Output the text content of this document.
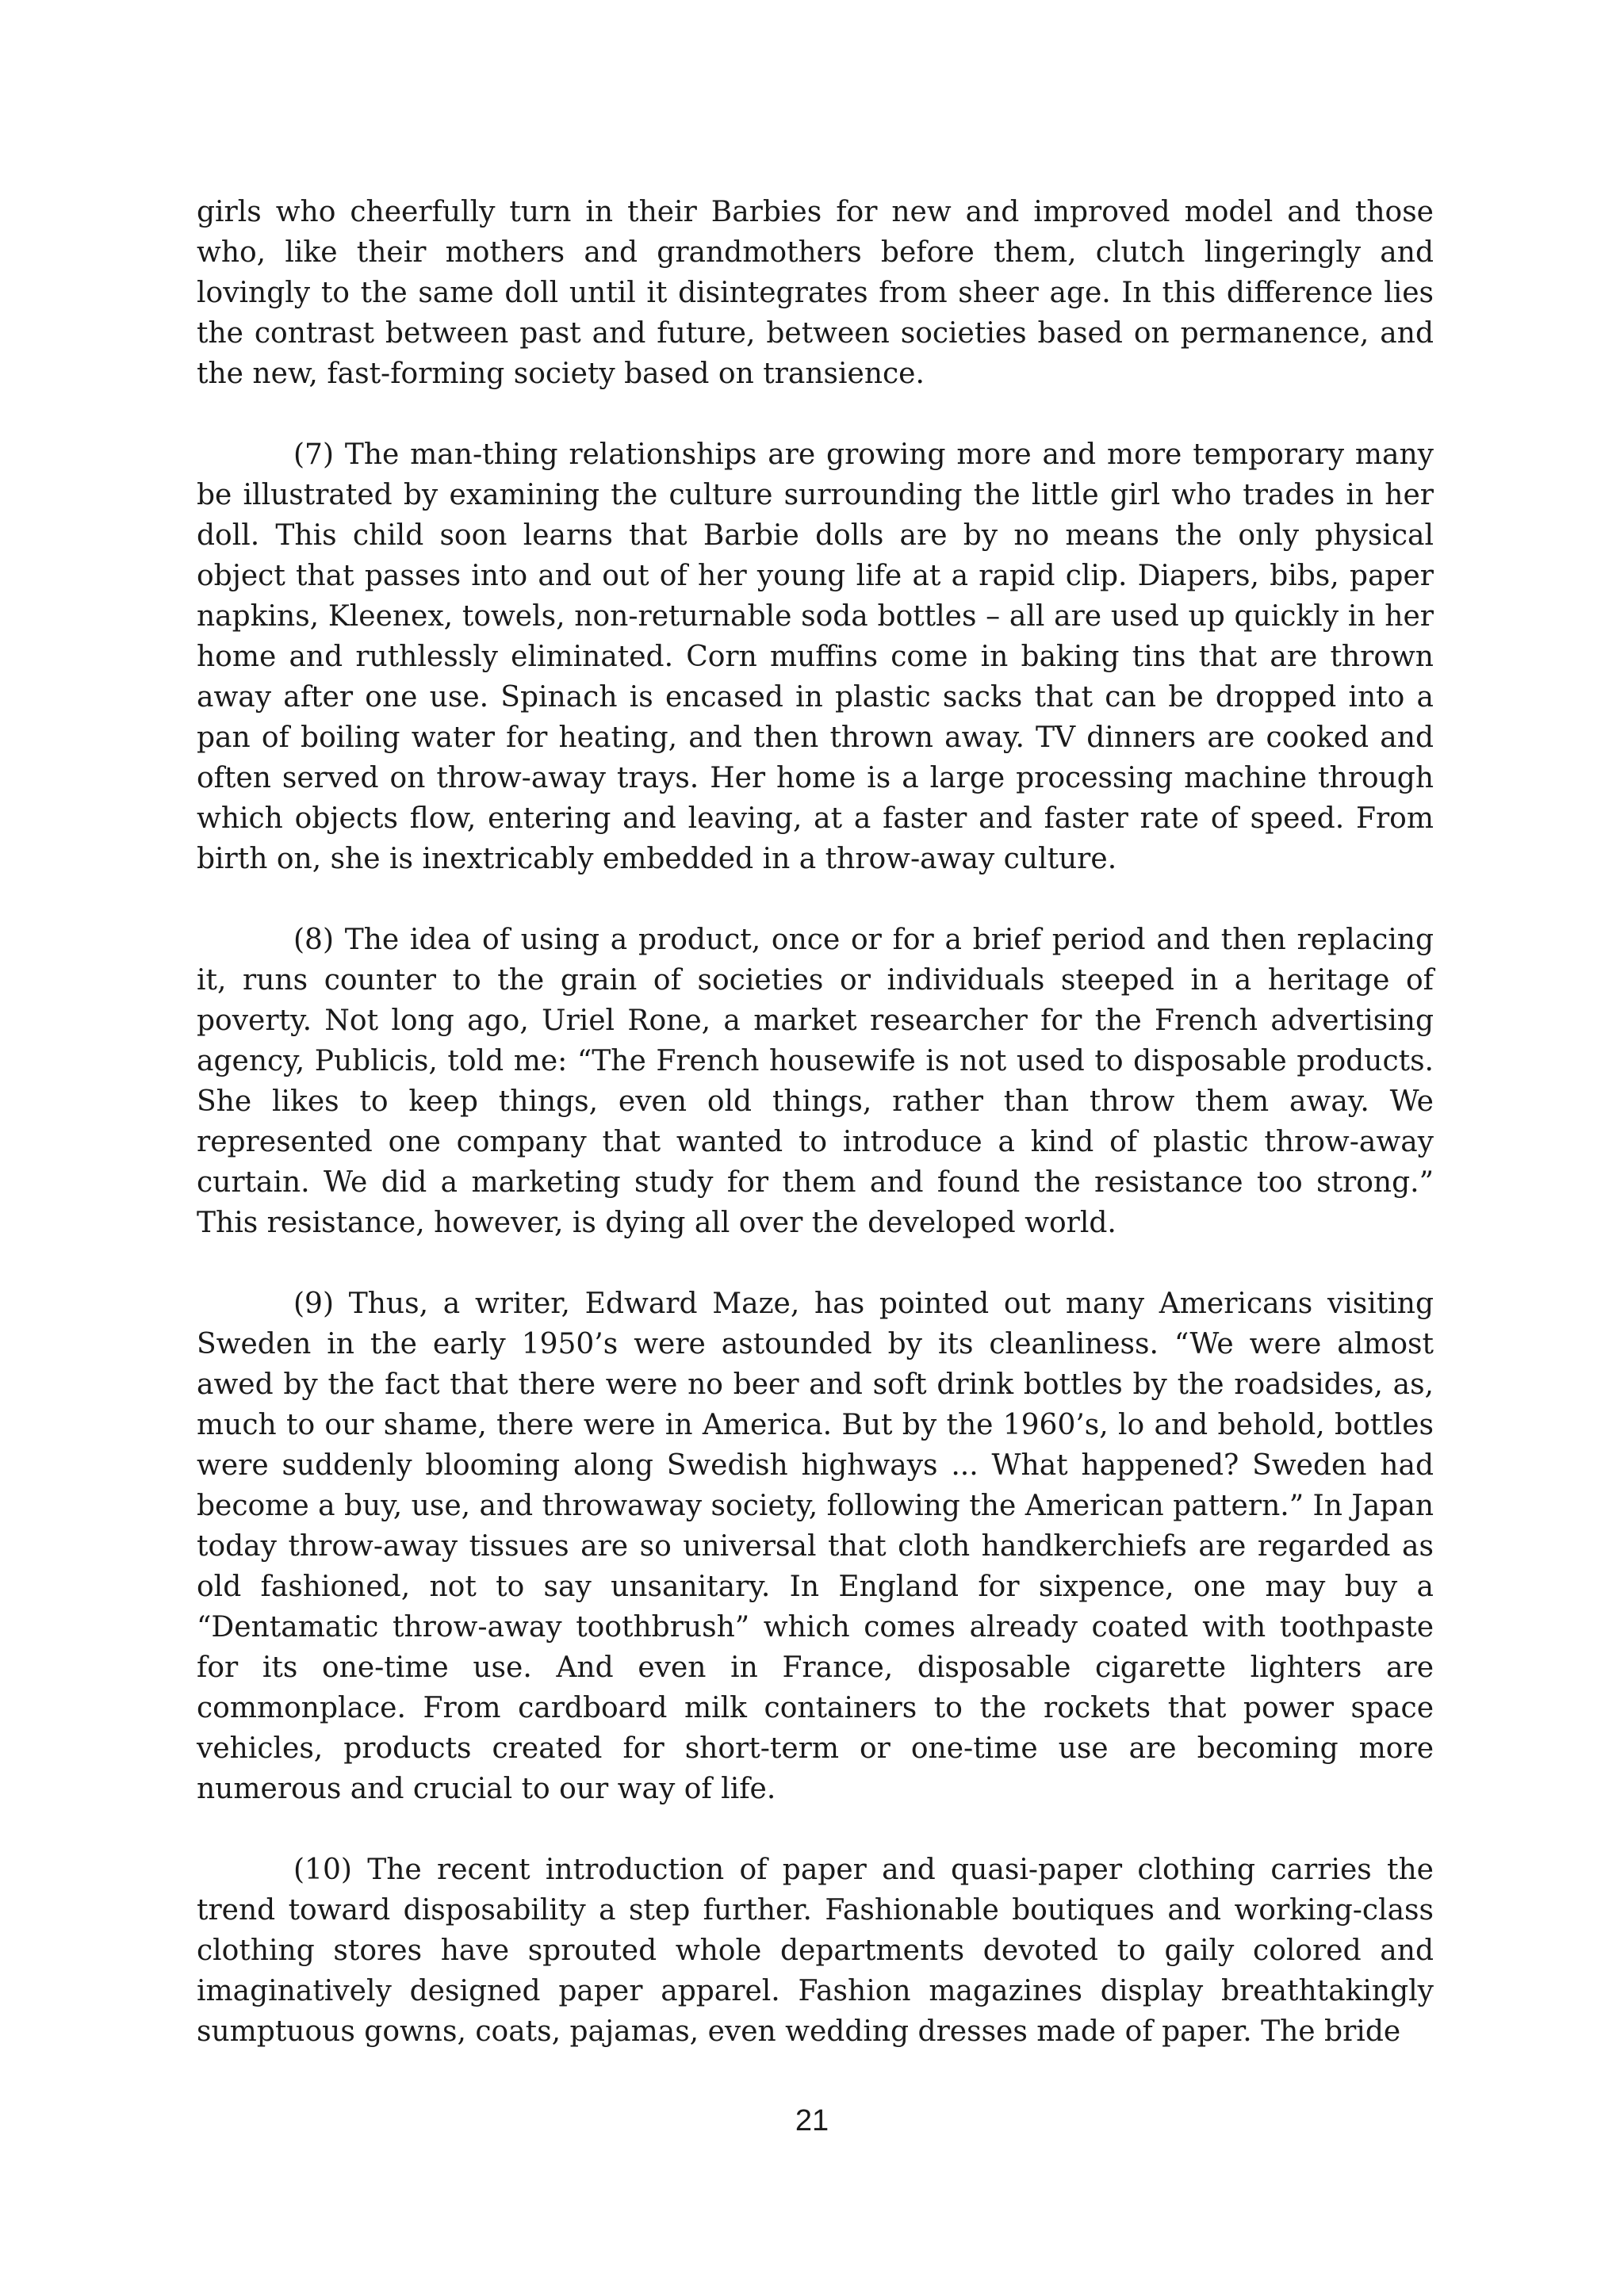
girls who cheerfully turn in their Barbies for new and improved model and those who, like their mothers and grandmothers before them, clutch lingeringly and lovingly to the same doll until it disintegrates from sheer age. In this difference lies the contrast between past and future, between societies based on permanence, and the new, fast-forming society based on transience.

(7) The man-thing relationships are growing more and more temporary many be illustrated by examining the culture surrounding the little girl who trades in her doll. This child soon learns that Barbie dolls are by no means the only physical object that passes into and out of her young life at a rapid clip. Diapers, bibs, paper napkins, Kleenex, towels, non-returnable soda bottles – all are used up quickly in her home and ruthlessly eliminated. Corn muffins come in baking tins that are thrown away after one use. Spinach is encased in plastic sacks that can be dropped into a pan of boiling water for heating, and then thrown away. TV dinners are cooked and often served on throw-away trays. Her home is a large processing machine through which objects flow, entering and leaving, at a faster and faster rate of speed. From birth on, she is inextricably embedded in a throw-away culture.

(8) The idea of using a product, once or for a brief period and then replacing it, runs counter to the grain of societies or individuals steeped in a heritage of poverty. Not long ago, Uriel Rone, a market researcher for the French advertising agency, Publicis, told me: “The French housewife is not used to disposable products. She likes to keep things, even old things, rather than throw them away. We represented one company that wanted to introduce a kind of plastic throw-away curtain. We did a marketing study for them and found the resistance too strong.” This resistance, however, is dying all over the developed world.

(9) Thus, a writer, Edward Maze, has pointed out many Americans visiting Sweden in the early 1950’s were astounded by its cleanliness. “We were almost awed by the fact that there were no beer and soft drink bottles by the roadsides, as, much to our shame, there were in America. But by the 1960’s, lo and behold, bottles were suddenly blooming along Swedish highways ... What happened? Sweden had become a buy, use, and throwaway society, following the American pattern.” In Japan today throw-away tissues are so universal that cloth handkerchiefs are regarded as old fashioned, not to say unsanitary. In England for sixpence, one may buy a “Dentamatic throw-away toothbrush” which comes already coated with toothpaste for its one-time use. And even in France, disposable cigarette lighters are commonplace. From cardboard milk containers to the rockets that power space vehicles, products created for short-term or one-time use are becoming more numerous and crucial to our way of life.

(10) The recent introduction of paper and quasi-paper clothing carries the trend toward disposability a step further. Fashionable boutiques and working-class clothing stores have sprouted whole departments devoted to gaily colored and imaginatively designed paper apparel. Fashion magazines display breathtakingly sumptuous gowns, coats, pajamas, even wedding dresses made of paper. The bride

21
